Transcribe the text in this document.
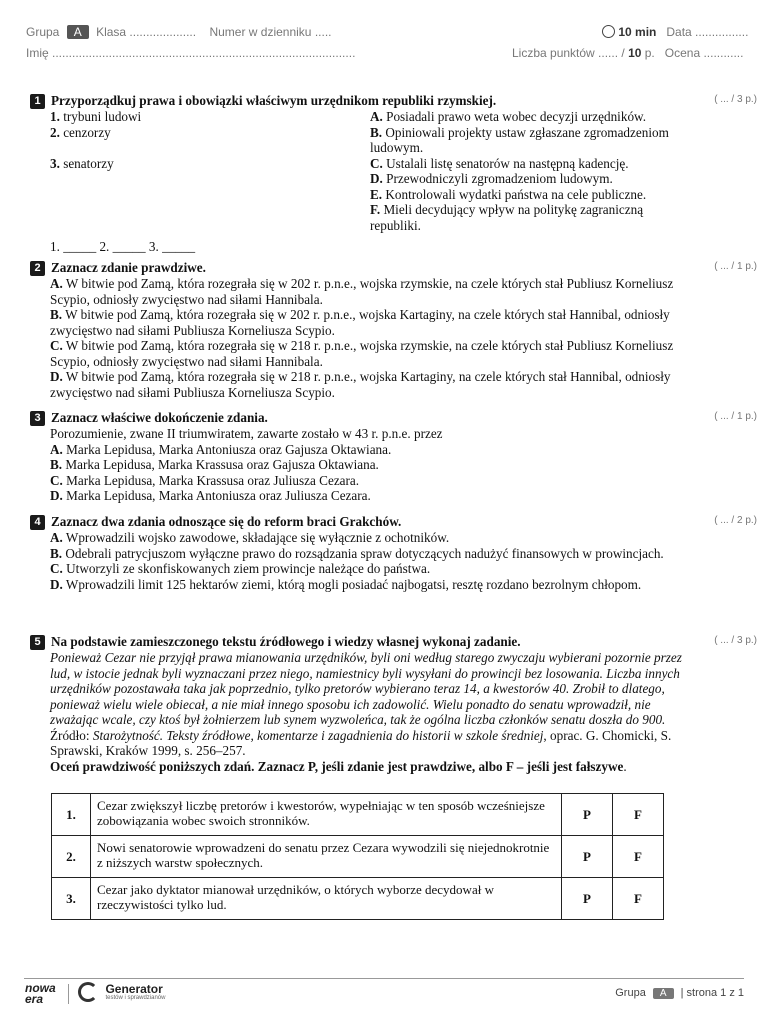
Grupa A Klasa .................... Numer w dzienniku .....	10 min Data ................
Imię ...........................................................................................	Liczba punktów ...... / 10 p. Ocena ............
1 Przyporządkuj prawa i obowiązki właściwym urzędnikom republiki rzymskiej.
1. trybuni ludowi
2. cenzorzy
3. senatorzy
A. Posiadali prawo weta wobec decyzji urzędników.
B. Opiniowali projekty ustaw zgłaszane zgromadzeniom ludowym.
C. Ustalali listę senatorów na następną kadencję.
D. Przewodniczyli zgromadzeniom ludowym.
E. Kontrolowali wydatki państwa na cele publiczne.
F. Mieli decydujący wpływ na politykę zagraniczną republiki.
1. _____ 2. _____ 3. _____
( ... / 3 p.)
2 Zaznacz zdanie prawdziwe.
A. W bitwie pod Zamą, która rozegrała się w 202 r. p.n.e., wojska rzymskie, na czele których stał Publiusz Korneliusz Scypio, odniosły zwycięstwo nad siłami Hannibala.
B. W bitwie pod Zamą, która rozegrała się w 202 r. p.n.e., wojska Kartaginy, na czele których stał Hannibal, odniosły zwycięstwo nad siłami Publiusza Korneliusza Scypio.
C. W bitwie pod Zamą, która rozegrała się w 218 r. p.n.e., wojska rzymskie, na czele których stał Publiusz Korneliusz Scypio, odniosły zwycięstwo nad siłami Hannibala.
D. W bitwie pod Zamą, która rozegrała się w 218 r. p.n.e., wojska Kartaginy, na czele których stał Hannibal, odniosły zwycięstwo nad siłami Publiusza Korneliusza Scypio.
( ... / 1 p.)
3 Zaznacz właściwe dokończenie zdania.
Porozumienie, zwane II triumwiratem, zawarte zostało w 43 r. p.n.e. przez
A. Marka Lepidusa, Marka Antoniusza oraz Gajusza Oktawiana.
B. Marka Lepidusa, Marka Krassusa oraz Gajusza Oktawiana.
C. Marka Lepidusa, Marka Krassusa oraz Juliusza Cezara.
D. Marka Lepidusa, Marka Antoniusza oraz Juliusza Cezara.
( ... / 1 p.)
4 Zaznacz dwa zdania odnoszące się do reform braci Grakchów.
A. Wprowadzili wojsko zawodowe, składające się wyłącznie z ochotników.
B. Odebrali patrycjuszom wyłączne prawo do rozsądzania spraw dotyczących nadużyć finansowych w prowincjach.
C. Utworzyli ze skonfiskowanych ziem prowincje należące do państwa.
D. Wprowadzili limit 125 hektarów ziemi, którą mogli posiadać najbogatsi, resztę rozdano bezrolnym chłopom.
( ... / 2 p.)
5 Na podstawie zamieszczonego tekstu źródłowego i wiedzy własnej wykonaj zadanie.
Ponieważ Cezar nie przyjął prawa mianowania urzędników, byli oni według starego zwyczaju wybierani pozornie przez lud, w istocie jednak byli wyznaczani przez niego, namiestnicy byli wysyłani do prowincji bez losowania. Liczba innych urzędników pozostawała taka jak poprzednio, tylko pretorów wybierano teraz 14, a kwestorów 40. Zrobił to dlatego, ponieważ wielu wiele obiecał, a nie miał innego sposobu ich zadowolić. Wielu ponadto do senatu wprowadził, nie zważając wcale, czy ktoś był żołnierzem lub synem wyzwoleńca, tak że ogólna liczba członków senatu doszła do 900.
Źródło: Starożytność. Teksty źródłowe, komentarze i zagadnienia do historii w szkole średniej, oprac. G. Chomicki, S. Sprawski, Kraków 1999, s. 256–257.
Oceń prawdziwość poniższych zdań. Zaznacz P, jeśli zdanie jest prawdziwe, albo F – jeśli jest fałszywe.
( ... / 3 p.)
1.	Cezar zwiększył liczbę pretorów i kwestorów, wypełniając w ten sposób wcześniejsze zobowiązania wobec swoich stronników.	P	F
2.	Nowi senatorowie wprowadzeni do senatu przez Cezara wywodzili się niejednokrotnie z niższych warstw społecznych.	P	F
3.	Cezar jako dyktator mianował urzędników, o których wyborze decydował w rzeczywistości tylko lud.	P	F
nowa
era

Generator
testów i sprawdzianów	Grupa A | strona 1 z 1
